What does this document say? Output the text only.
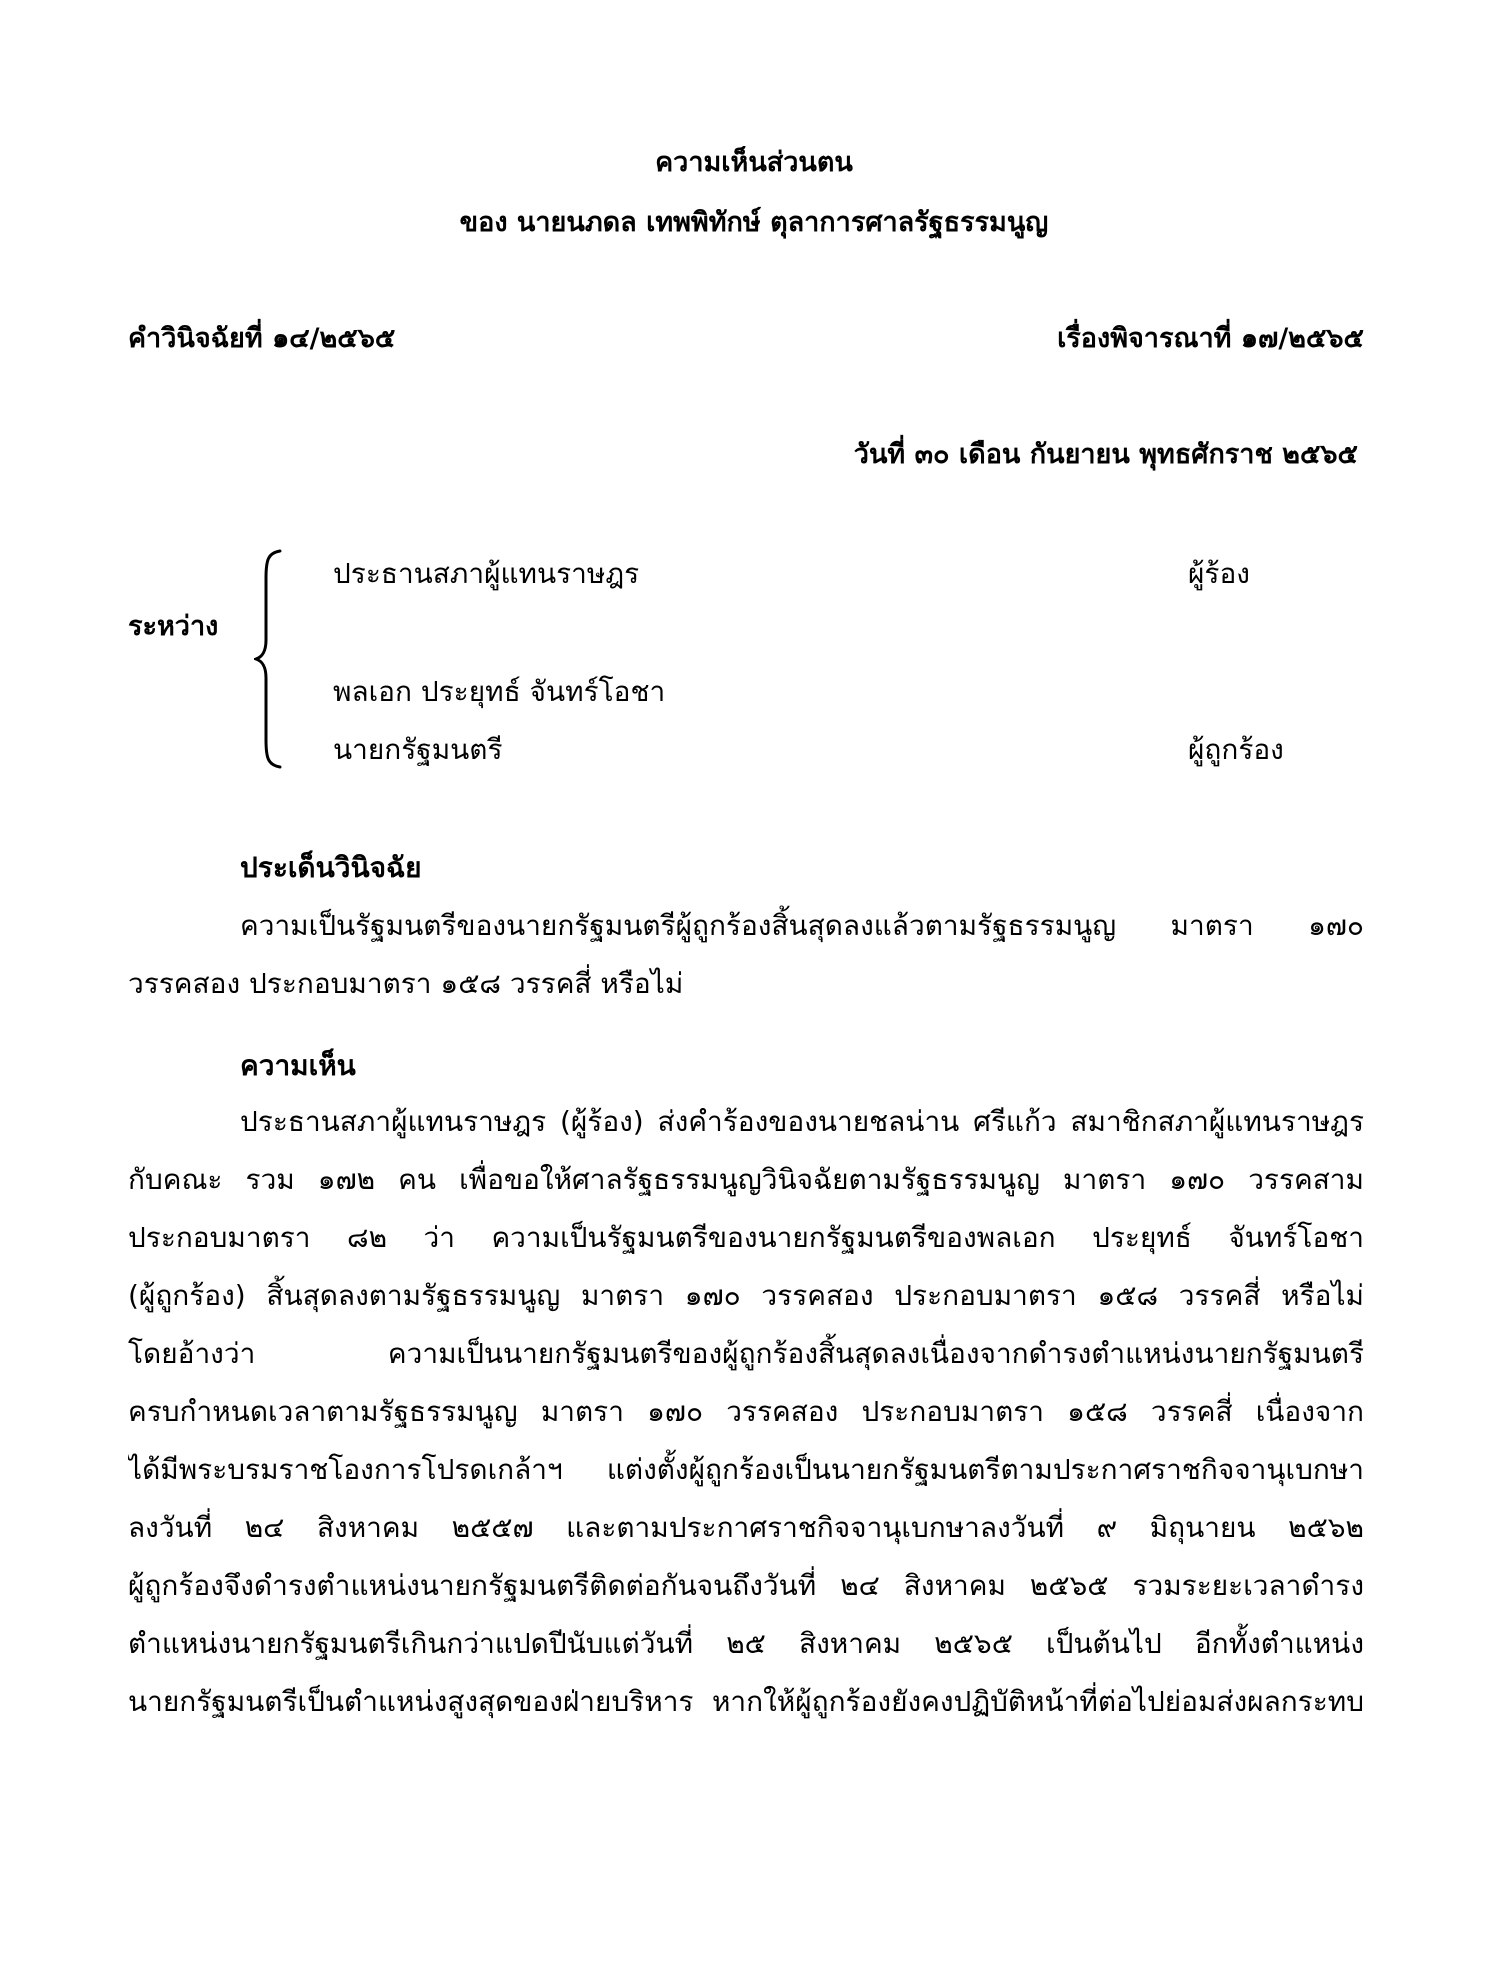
ความเห็นส่วนตน
ของ นายนภดล เทพพิทักษ์ ตุลาการศาลรัฐธรรมนูญ
คำวินิจฉัยที่ ๑๔/๒๕๖๕	เรื่องพิจารณาที่ ๑๗/๒๕๖๕
วันที่ ๓๐ เดือน กันยายน พุทธศักราช ๒๕๖๕
ระหว่าง
ประธานสภาผู้แทนราษฎร	ผู้ร้อง
พลเอก ประยุทธ์ จันทร์โอชา
นายกรัฐมนตรี	ผู้ถูกร้อง
ประเด็นวินิจฉัย
ความเป็นรัฐมนตรีของนายกรัฐมนตรีผู้ถูกร้องสิ้นสุดลงแล้วตามรัฐธรรมนูญ มาตรา ๑๗๐
วรรคสอง ประกอบมาตรา ๑๕๘ วรรคสี่ หรือไม่
ความเห็น
ประธานสภาผู้แทนราษฎร (ผู้ร้อง) ส่งคำร้องของนายชลน่าน ศรีแก้ว สมาชิกสภาผู้แทนราษฎร
กับคณะ รวม ๑๗๒ คน เพื่อขอให้ศาลรัฐธรรมนูญวินิจฉัยตามรัฐธรรมนูญ มาตรา ๑๗๐ วรรคสาม
ประกอบมาตรา ๘๒ ว่า ความเป็นรัฐมนตรีของนายกรัฐมนตรีของพลเอก ประยุทธ์ จันทร์โอชา
(ผู้ถูกร้อง) สิ้นสุดลงตามรัฐธรรมนูญ มาตรา ๑๗๐ วรรคสอง ประกอบมาตรา ๑๕๘ วรรคสี่ หรือไม่
โดยอ้างว่า ความเป็นนายกรัฐมนตรีของผู้ถูกร้องสิ้นสุดลงเนื่องจากดำรงตำแหน่งนายกรัฐมนตรี
ครบกำหนดเวลาตามรัฐธรรมนูญ มาตรา ๑๗๐ วรรคสอง ประกอบมาตรา ๑๕๘ วรรคสี่ เนื่องจาก
ได้มีพระบรมราชโองการโปรดเกล้าฯ แต่งตั้งผู้ถูกร้องเป็นนายกรัฐมนตรีตามประกาศราชกิจจานุเบกษา
ลงวันที่ ๒๔ สิงหาคม ๒๕๕๗ และตามประกาศราชกิจจานุเบกษาลงวันที่ ๙ มิถุนายน ๒๕๖๒
ผู้ถูกร้องจึงดำรงตำแหน่งนายกรัฐมนตรีติดต่อกันจนถึงวันที่ ๒๔ สิงหาคม ๒๕๖๕ รวมระยะเวลาดำรง
ตำแหน่งนายกรัฐมนตรีเกินกว่าแปดปีนับแต่วันที่ ๒๕ สิงหาคม ๒๕๖๕ เป็นต้นไป อีกทั้งตำแหน่ง
นายกรัฐมนตรีเป็นตำแหน่งสูงสุดของฝ่ายบริหาร หากให้ผู้ถูกร้องยังคงปฏิบัติหน้าที่ต่อไปย่อมส่งผลกระทบ
